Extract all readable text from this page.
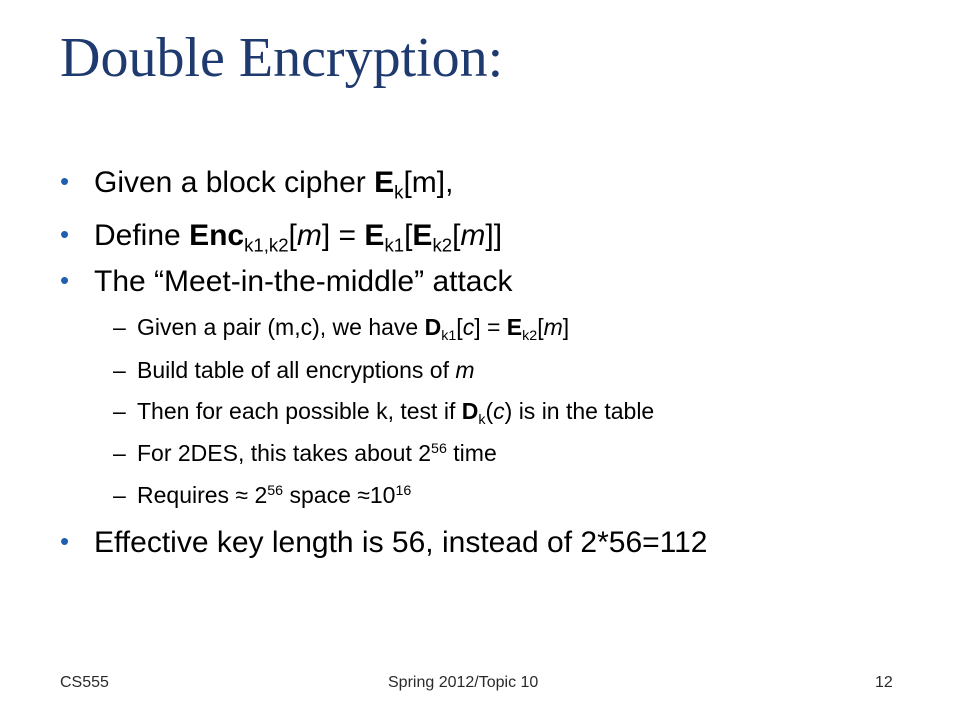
Double Encryption:
• Given a block cipher $E_k[m]$,
• Define $Enc_{k1,k2}[m] = E_{k1}[E_{k2}[m]]$
• The “Meet-in-the-middle” attack
– Given a pair (m,c), we have $D_{k1}[c] = E_{k2}[m]$
– Build table of all encryptions of m
– Then for each possible k, test if $D_k(c)$ is in the table
– For 2DES, this takes about $2^{56}$ time
– Requires ≈ $2^{56}$ space $\approx 10^{16}$
• Effective key length is 56, instead of 2*56=112
CS555	Spring 2012/Topic 10	12
